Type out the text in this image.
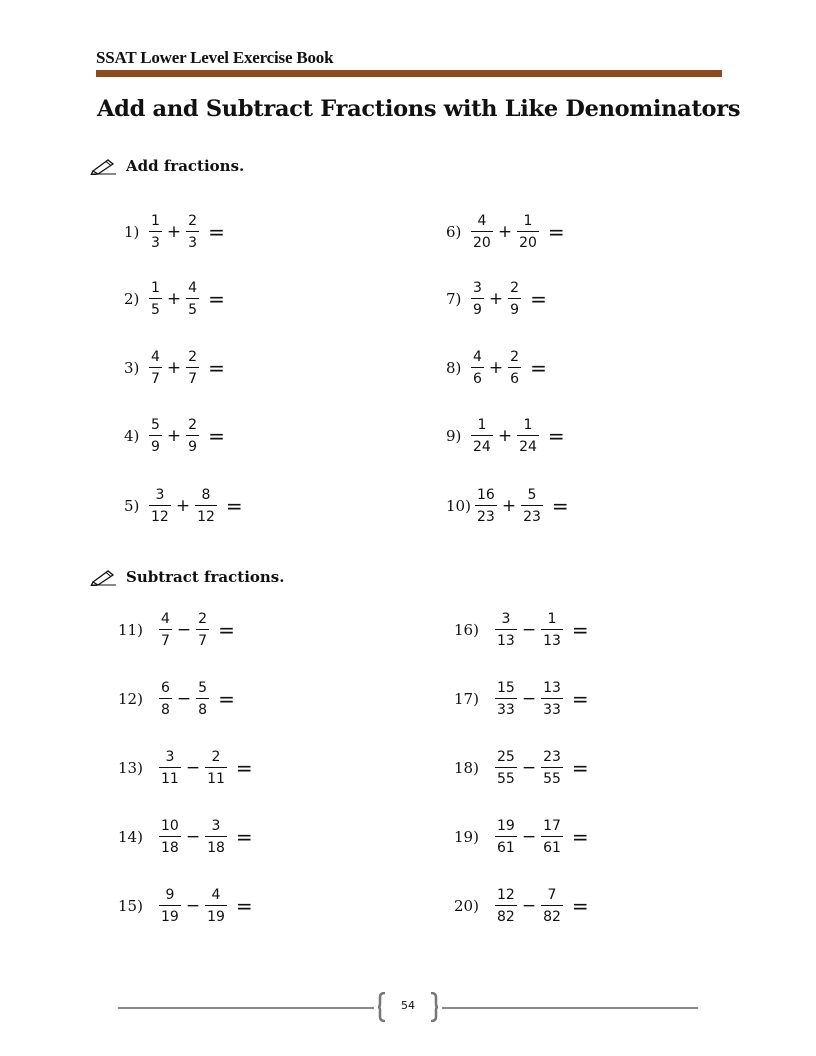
SSAT Lower Level Exercise Book
Add and Subtract Fractions with Like Denominators
Add fractions.
Subtract fractions.
$1) \frac{1}{3} + \frac{2}{3}$ =
$2) \frac{1}{5} + \frac{4}{5}$ =
$3) \frac{4}{7} + \frac{2}{7}$ =
$4) \frac{5}{9} + \frac{2}{9}$ =
$5) \frac{3}{12} + \frac{8}{12}$ =
$6) \frac{4}{20} + \frac{1}{20}$ =
$7) \frac{3}{9} + \frac{2}{9}$ =
$8) \frac{4}{6} + \frac{2}{6}$ =
$9) \frac{1}{24} + \frac{1}{24}$ =
$10) \frac{16}{23} + \frac{5}{23}$ =
11)	$\frac{4}{7} - \frac{2}{7}$ =
12)	$\frac{6}{8} - \frac{5}{8}$ =
13)	$\frac{3}{11} - \frac{2}{11}$ =
14)	$\frac{10}{18} - \frac{3}{18}$ =
15)	$\frac{9}{19} - \frac{4}{19}$ =
16)	$\frac{3}{13} - \frac{1}{13}$ =
17)	$\frac{15}{33} - \frac{13}{33}$ =
18)	$\frac{25}{55} - \frac{23}{55}$ =
19)	$\frac{19}{61} - \frac{17}{61}$ =
20)	$\frac{12}{82} - \frac{7}{82}$ =
54
